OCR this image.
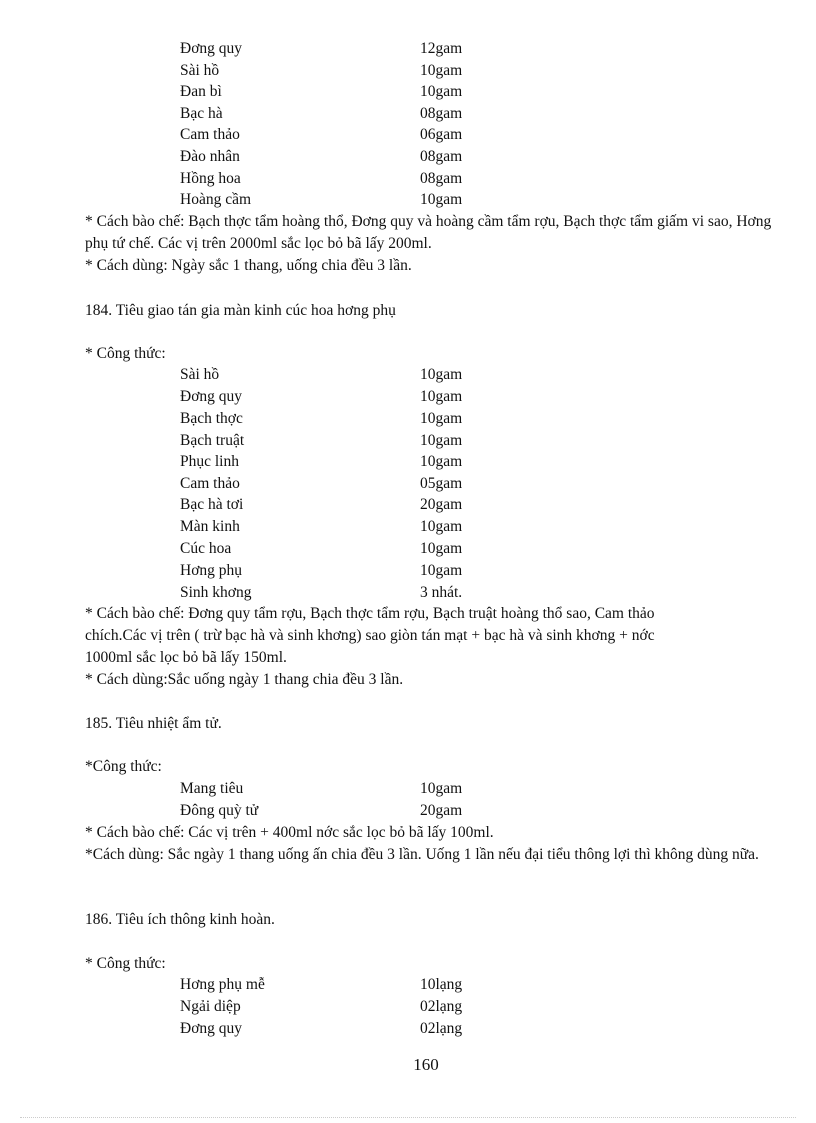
Đơng quy	12gam
Sài hồ	10gam
Đan bì	10gam
Bạc hà	08gam
Cam thảo	06gam
Đào nhân	08gam
Hồng hoa	08gam
Hoàng cầm	10gam
* Cách bào chế: Bạch thợc tẩm hoàng thổ, Đơng quy và hoàng cầm tẩm rợu, Bạch thợc tẩm giấm vi sao, Hơng phụ tứ chế. Các vị trên 2000ml sắc lọc bỏ bã lấy 200ml.
* Cách dùng: Ngày sắc 1 thang, uống chia đều 3 lần.
184. Tiêu giao tán gia màn kinh cúc hoa hơng phụ
* Công thức:
Sài hồ	10gam
Đơng quy	10gam
Bạch thợc	10gam
Bạch truật	10gam
Phục linh	10gam
Cam thảo	05gam
Bạc hà tơi	20gam
Màn kinh	10gam
Cúc hoa	10gam
Hơng phụ	10gam
Sinh khơng	3 nhát.
* Cách bào chế: Đơng quy tẩm rợu, Bạch thợc tẩm rợu, Bạch truật hoàng thổ sao, Cam thảo
chích.Các vị trên ( trừ bạc hà và sinh khơng) sao giòn tán mạt + bạc hà và sinh khơng + nớc
1000ml sắc lọc bỏ bã lấy 150ml.
* Cách dùng:Sắc uống ngày 1 thang chia đều 3 lần.
185. Tiêu nhiệt ẩm tử.
*Công thức:
Mang tiêu	10gam
Đông quỳ tử	20gam
* Cách bào chế: Các vị trên + 400ml nớc sắc lọc bỏ bã lấy 100ml.
*Cách dùng: Sắc ngày 1 thang uống ấn chia đều 3 lần. Uống 1 lần nếu đại tiểu thông lợi thì không dùng nữa.
186. Tiêu ích thông kinh hoàn.
* Công thức:
Hơng phụ mễ	10lạng
Ngải diệp	02lạng
Đơng quy	02lạng
160
